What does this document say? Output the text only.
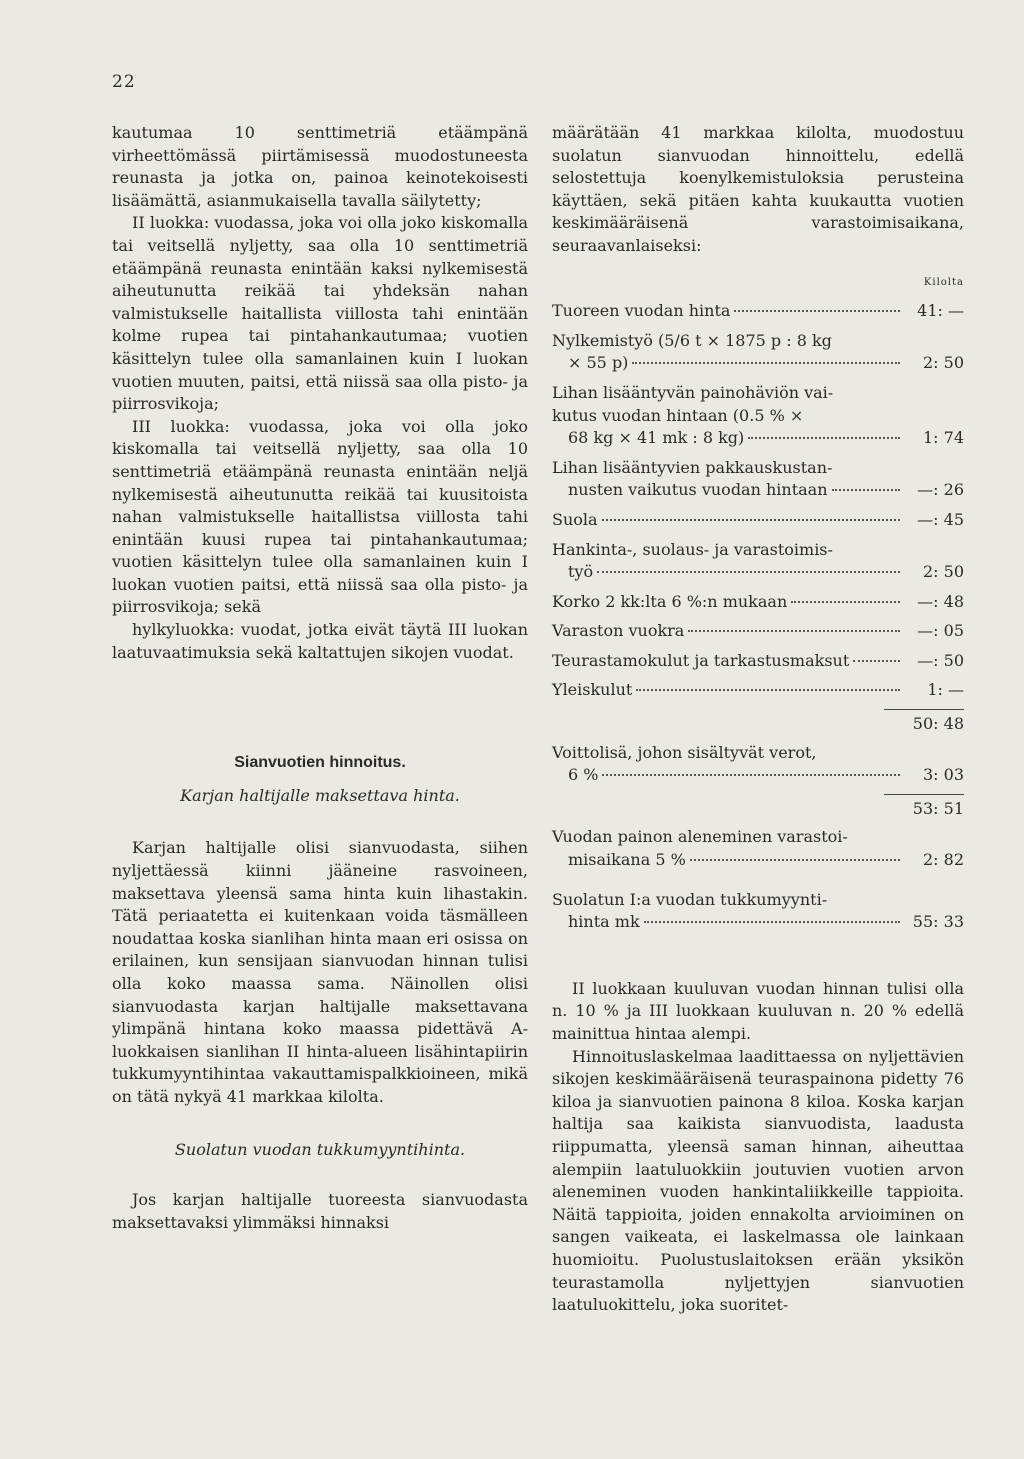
22

kautumaa 10 senttimetriä etäämpänä virheettömässä piirtämisessä muodostuneesta reunasta ja jotka on, painoa keinotekoisesti lisäämättä, asianmukaisella tavalla säilytetty;

II luokka: vuodassa, joka voi olla joko kiskomalla tai veitsellä nyljetty, saa olla 10 senttimetriä etäämpänä reunasta enintään kaksi nylkemisestä aiheutunutta reikää tai yhdeksän nahan valmistukselle haitallista viillosta tahi enintään kolme rupea tai pintahankautumaa; vuotien käsittelyn tulee olla samanlainen kuin I luokan vuotien muuten, paitsi, että niissä saa olla pisto- ja piirrosvikoja;

III luokka: vuodassa, joka voi olla joko kiskomalla tai veitsellä nyljetty, saa olla 10 senttimetriä etäämpänä reunasta enintään neljä nylkemisestä aiheutunutta reikää tai kuusitoista nahan valmistukselle haitallistsa viillosta tahi enintään kuusi rupea tai pintahankautumaa; vuotien käsittelyn tulee olla samanlainen kuin I luokan vuotien paitsi, että niissä saa olla pisto- ja piirrosvikoja; sekä

hylkyluokka: vuodat, jotka eivät täytä III luokan laatuvaatimuksia sekä kaltattujen sikojen vuodat.

Sianvuotien hinnoitus.
Karjan haltijalle maksettava hinta.

Karjan haltijalle olisi sianvuodasta, siihen nyljettäessä kiinni jääneine rasvoineen, maksettava yleensä sama hinta kuin lihastakin. Tätä periaatetta ei kuitenkaan voida täsmälleen noudattaa koska sianlihan hinta maan eri osissa on erilainen, kun sensijaan sianvuodan hinnan tulisi olla koko maassa sama. Näinollen olisi sianvuodasta karjan haltijalle maksettavana ylimpänä hintana koko maassa pidettävä A-luokkaisen sianlihan II hinta-alueen lisähintapiirin tukkumyyntihintaa vakauttamispalkkioineen, mikä on tätä nykyä 41 markkaa kilolta.

Suolatun vuodan tukkumyyntihinta.

Jos karjan haltijalle tuoreesta sianvuodasta maksettavaksi ylimmäksi hinnaksi

määrätään 41 markkaa kilolta, muodostuu suolatun sianvuodan hinnoittelu, edellä selostettuja koenylkemistuloksia perusteina käyttäen, sekä pitäen kahta kuukautta vuotien keskimääräisenä varastoimisaikana, seuraavanlaiseksi:

Kilolta
Tuoreen vuodan hinta	41: —
Nylkemistyö (5/6 t × 1875 p : 8 kg
× 55 p)	2: 50
Lihan lisääntyvän painohäviön vai-
kutus vuodan hintaan (0.5 % ×
68 kg × 41 mk : 8 kg)	1: 74
Lihan lisääntyvien pakkauskustan-
nusten vaikutus vuodan hintaan	—: 26
Suola	—: 45
Hankinta-, suolaus- ja varastoimis-
työ	2: 50
Korko 2 kk:lta 6 %:n mukaan	—: 48
Varaston vuokra	—: 05
Teurastamokulut ja tarkastusmaksut	—: 50
Yleiskulut	1: —
50: 48
Voittolisä, johon sisältyvät verot,
6 %	3: 03
53: 51
Vuodan painon aleneminen varastoi-
misaikana 5 %	2: 82
Suolatun I:a vuodan tukkumyynti-
hinta mk	55: 33

II luokkaan kuuluvan vuodan hinnan tulisi olla n. 10 % ja III luokkaan kuuluvan n. 20 % edellä mainittua hintaa alempi.

Hinnoituslaskelmaa laadittaessa on nyljettävien sikojen keskimääräisenä teuraspainona pidetty 76 kiloa ja sianvuotien painona 8 kiloa. Koska karjan haltija saa kaikista sianvuodista, laadusta riippumatta, yleensä saman hinnan, aiheuttaa alempiin laatuluokkiin joutuvien vuotien arvon aleneminen vuoden hankintaliikkeille tappioita. Näitä tappioita, joiden ennakolta arvioiminen on sangen vaikeata, ei laskelmassa ole lainkaan huomioitu. Puolustuslaitoksen erään yksikön teurastamolla nyljettyjen sianvuotien laatuluokittelu, joka suoritet-
